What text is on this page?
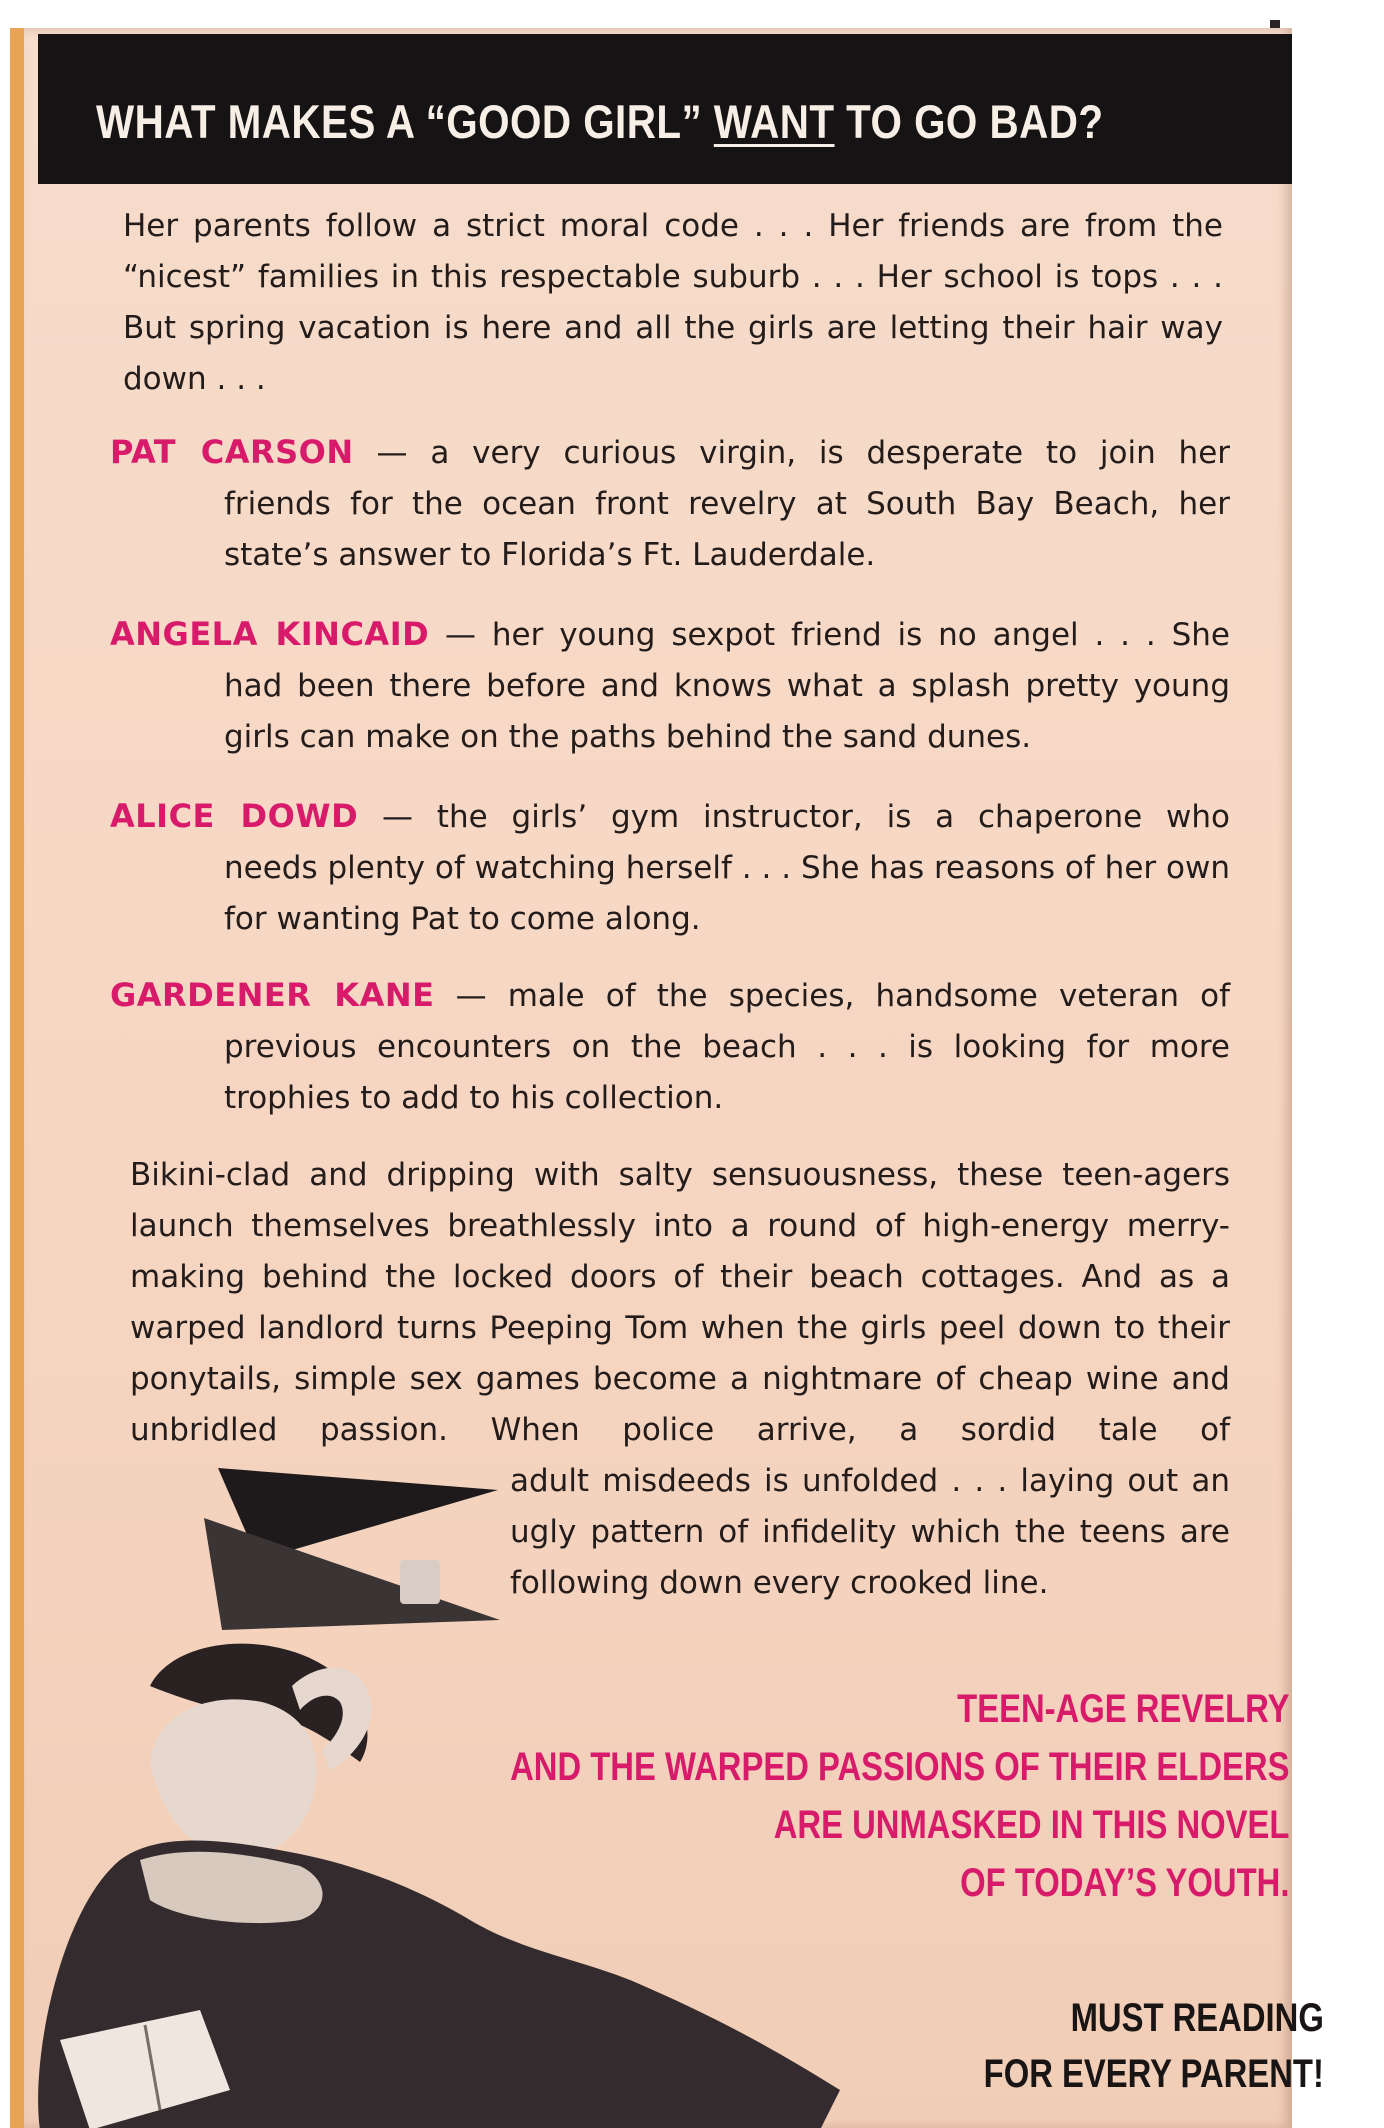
WHAT MAKES A “GOOD GIRL” WANT TO GO BAD?
Her parents follow a strict moral code . . . Her friends are from the “nicest” families in this respectable suburb . . . Her school is tops . . . But spring vacation is here and all the girls are letting their hair way down . . .
PAT CARSON — a very curious virgin, is desperate to join her
friends for the ocean front revelry at South Bay Beach, her state’s answer to Florida’s Ft. Lauderdale.
ANGELA KINCAID — her young sexpot friend is no angel . . . She
had been there before and knows what a splash pretty young girls can make on the paths behind the sand dunes.
ALICE DOWD — the girls’ gym instructor, is a chaperone who
needs plenty of watching herself . . . She has reasons of her own for wanting Pat to come along.
GARDENER KANE — male of the species, handsome veteran of
previous encounters on the beach . . . is looking for more trophies to add to his collection.
Bikini-clad and dripping with salty sensuousness, these teen-agers launch themselves breathlessly into a round of high-energy merry-making behind the locked doors of their beach cottages. And as a warped landlord turns Peeping Tom when the girls peel down to their ponytails, simple sex games become a nightmare of cheap wine and unbridled passion. When police arrive, a sordid tale of
adult misdeeds is unfolded . . . laying out an ugly pattern of infidelity which the teens are following down every crooked line.
TEEN-AGE REVELRY
AND THE WARPED PASSIONS OF THEIR ELDERS
ARE UNMASKED IN THIS NOVEL
OF TODAY’S YOUTH.
MUST READING
FOR EVERY PARENT!
